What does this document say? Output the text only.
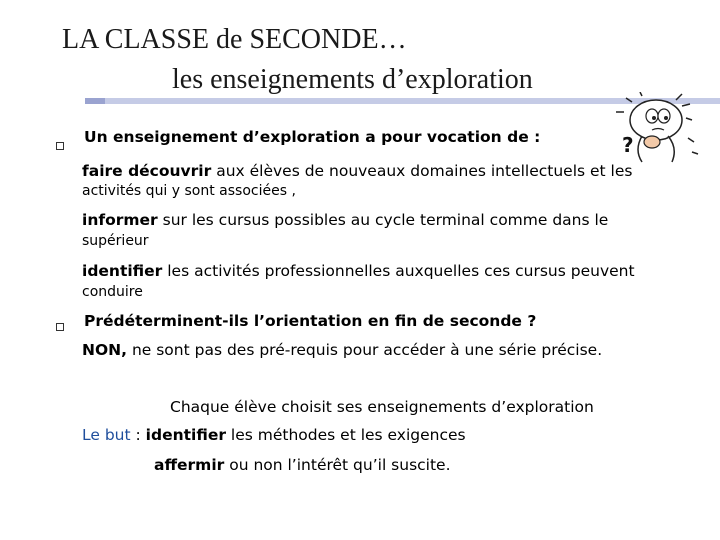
LA CLASSE de SECONDE…
les enseignements d’exploration
?
Un enseignement d’exploration a pour vocation de :
faire découvrir aux élèves de nouveaux domaines intellectuels et les
activités qui y sont associées ,
informer sur les cursus possibles au cycle terminal comme dans le
supérieur
identifier les activités professionnelles auxquelles ces cursus peuvent
conduire
Prédéterminent-ils l’orientation en fin de seconde ?
NON, ne sont pas des pré-requis pour accéder à une série précise.
Chaque élève choisit ses enseignements d’exploration
Le but : identifier les méthodes et les exigences
affermir ou non l’intérêt qu’il suscite.
